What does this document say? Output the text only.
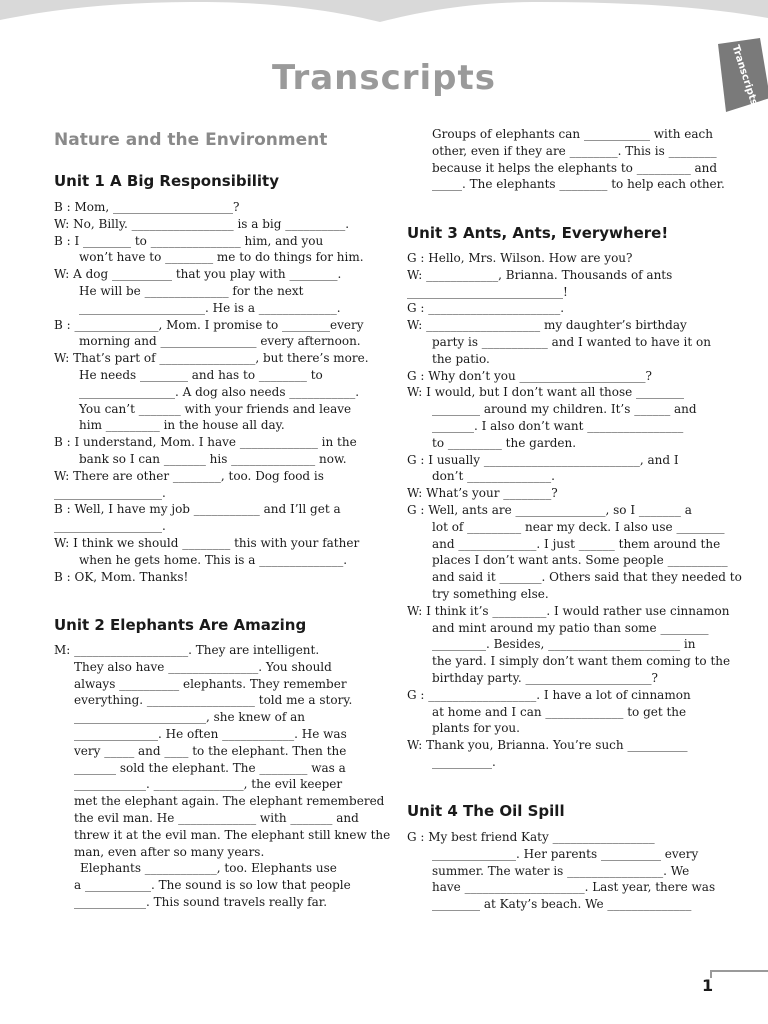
Transcripts	Transcripts
Nature and the Environment
Unit 1 A Big Responsibility
B : Mom, ____________________?
W: No, Billy. _________________ is a big __________.
B : I ________ to _______________ him, and you
won’t have to ________ me to do things for him.
W: A dog __________ that you play with ________.
He will be ______________ for the next
_____________________. He is a _____________.
B : ______________, Mom. I promise to ________every
morning and ________________ every afternoon.
W: That’s part of ________________, but there’s more.
He needs ________ and has to ________ to
________________. A dog also needs ___________.
You can’t _______ with your friends and leave
him _________ in the house all day.
B : I understand, Mom. I have _____________ in the
bank so I can _______ his ______________ now.
W: There are other ________, too. Dog food is
__________________.
B : Well, I have my job ___________ and I’ll get a
__________________.
W: I think we should ________ this with your father
when he gets home. This is a ______________.
B : OK, Mom. Thanks!
Unit 2 Elephants Are Amazing
M: ___________________. They are intelligent.
They also have _______________. You should
always __________ elephants. They remember
everything. __________________ told me a story.
______________________, she knew of an
______________. He often ____________. He was
very _____ and ____ to the elephant. Then the
_______ sold the elephant. The ________ was a
____________. _______________, the evil keeper
met the elephant again. The elephant remembered
the evil man. He _____________ with _______ and
threw it at the evil man. The elephant still knew the
man, even after so many years.
Elephants ____________, too. Elephants use
a ___________. The sound is so low that people
____________. This sound travels really far.
Groups of elephants can ___________ with each
other, even if they are ________. This is ________
because it helps the elephants to _________ and
_____. The elephants ________ to help each other.
Unit 3 Ants, Ants, Everywhere!
G : Hello, Mrs. Wilson. How are you?
W: ____________, Brianna. Thousands of ants
__________________________!
G : ______________________.
W: ___________________ my daughter’s birthday
party is ___________ and I wanted to have it on
the patio.
G : Why don’t you _____________________?
W: I would, but I don’t want all those ________
________ around my children. It’s ______ and
_______. I also don’t want ________________
to _________ the garden.
G : I usually __________________________, and I
don’t ______________.
W: What’s your ________?
G : Well, ants are _______________, so I _______ a
lot of _________ near my deck. I also use ________
and _____________. I just ______ them around the
places I don’t want ants. Some people __________
and said it _______. Others said that they needed to
try something else.
W: I think it’s _________. I would rather use cinnamon
and mint around my patio than some ________
_________. Besides, ______________________ in
the yard. I simply don’t want them coming to the
birthday party. _____________________?
G : __________________. I have a lot of cinnamon
at home and I can _____________ to get the
plants for you.
W: Thank you, Brianna. You’re such __________
__________.
Unit 4 The Oil Spill
G : My best friend Katy _________________
______________. Her parents __________ every
summer. The water is ________________. We
have ____________________. Last year, there was
________ at Katy’s beach. We ______________
1
